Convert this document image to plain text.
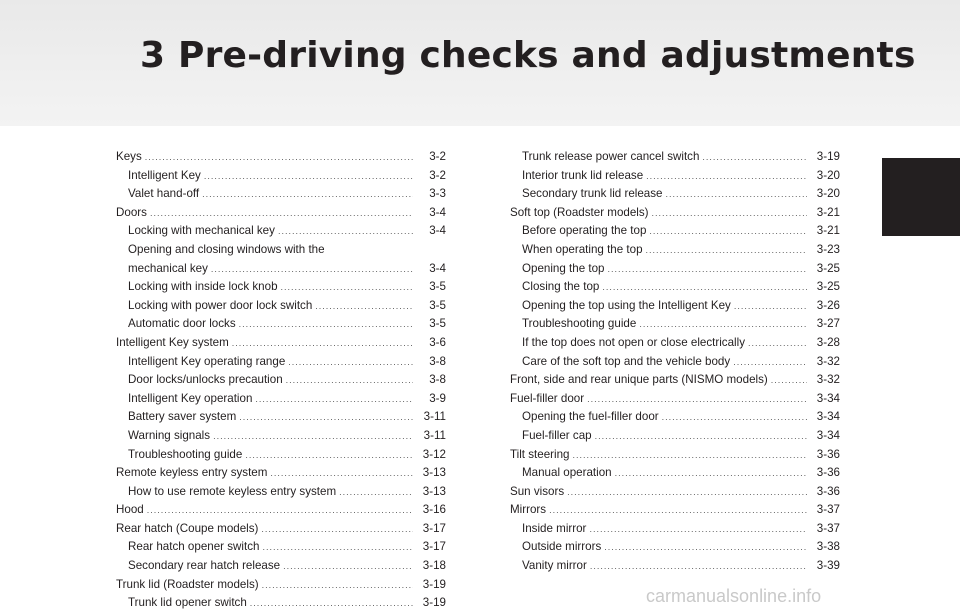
3 Pre-driving checks and adjustments
Keys .....	3-2
Intelligent Key .....	3-2
Valet hand-off .....	3-3
Doors .....	3-4
Locking with mechanical key .....	3-4
Opening and closing windows with the
mechanical key .....	3-4
Locking with inside lock knob .....	3-5
Locking with power door lock switch .....	3-5
Automatic door locks .....	3-5
Intelligent Key system .....	3-6
Intelligent Key operating range .....	3-8
Door locks/unlocks precaution .....	3-8
Intelligent Key operation .....	3-9
Battery saver system .....	3-11
Warning signals .....	3-11
Troubleshooting guide .....	3-12
Remote keyless entry system .....	3-13
How to use remote keyless entry system .....	3-13
Hood .....	3-16
Rear hatch (Coupe models) .....	3-17
Rear hatch opener switch .....	3-17
Secondary rear hatch release .....	3-18
Trunk lid (Roadster models) .....	3-19
Trunk lid opener switch .....	3-19
Trunk release power cancel switch .....	3-19
Interior trunk lid release .....	3-20
Secondary trunk lid release .....	3-20
Soft top (Roadster models) .....	3-21
Before operating the top .....	3-21
When operating the top .....	3-23
Opening the top .....	3-25
Closing the top .....	3-25
Opening the top using the Intelligent Key .....	3-26
Troubleshooting guide .....	3-27
If the top does not open or close electrically .....	3-28
Care of the soft top and the vehicle body .....	3-32
Front, side and rear unique parts (NISMO models) .....	3-32
Fuel-filler door .....	3-34
Opening the fuel-filler door .....	3-34
Fuel-filler cap .....	3-34
Tilt steering .....	3-36
Manual operation .....	3-36
Sun visors .....	3-36
Mirrors .....	3-37
Inside mirror .....	3-37
Outside mirrors .....	3-38
Vanity mirror .....	3-39
carmanualsonline.info
